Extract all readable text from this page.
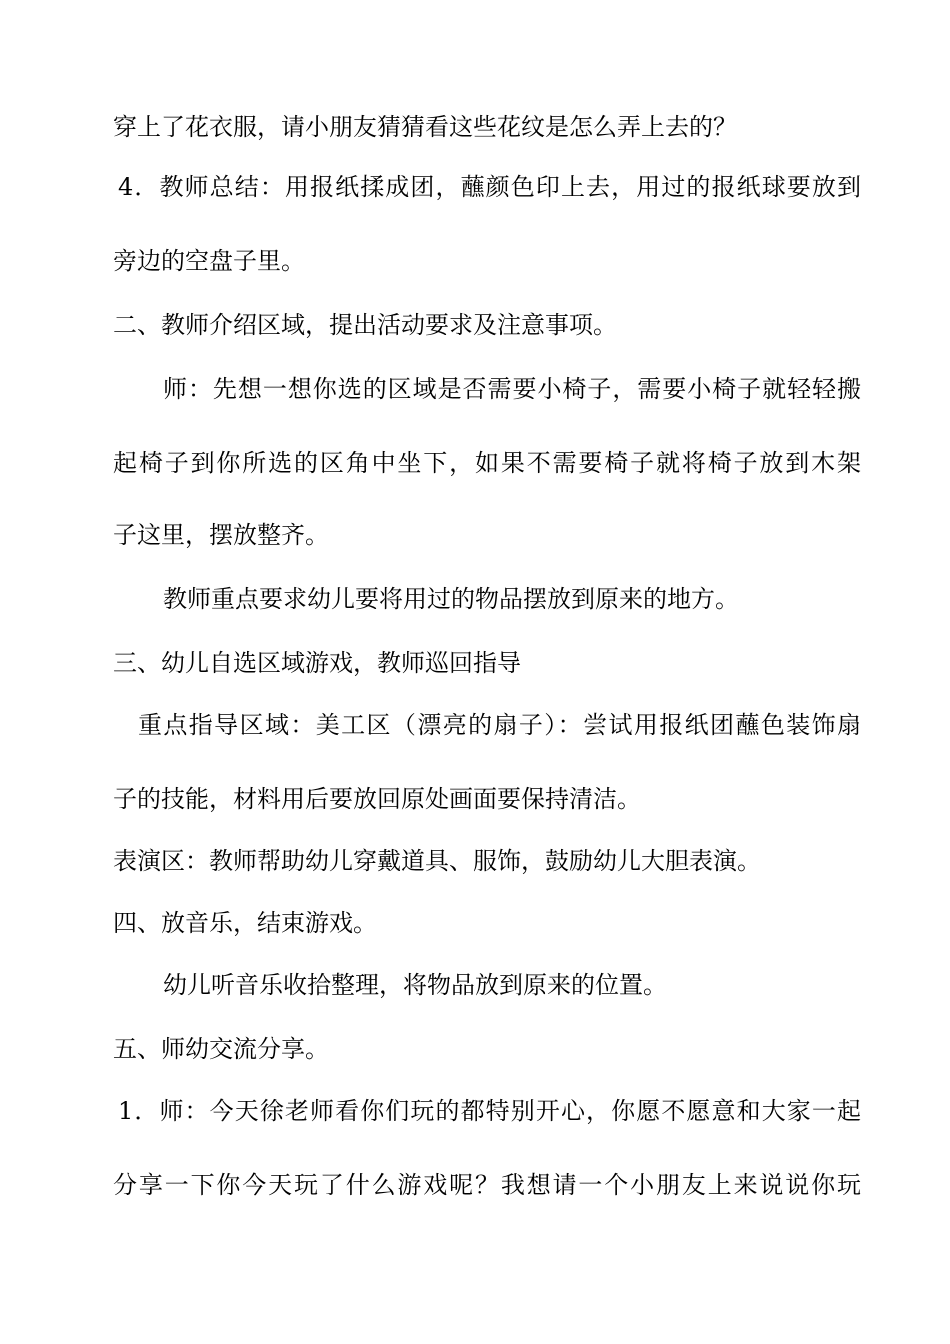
穿上了花衣服，请小朋友猜猜看这些花纹是怎么弄上去的？

4．教师总结：用报纸揉成团，蘸颜色印上去，用过的报纸球要放到

旁边的空盘子里。

二、教师介绍区域，提出活动要求及注意事项。

师：先想一想你选的区域是否需要小椅子，需要小椅子就轻轻搬

起椅子到你所选的区角中坐下，如果不需要椅子就将椅子放到木架

子这里，摆放整齐。

教师重点要求幼儿要将用过的物品摆放到原来的地方。

三、幼儿自选区域游戏，教师巡回指导

重点指导区域：美工区（漂亮的扇子）：尝试用报纸团蘸色装饰扇

子的技能，材料用后要放回原处画面要保持清洁。

表演区：教师帮助幼儿穿戴道具、服饰，鼓励幼儿大胆表演。

四、放音乐，结束游戏。

幼儿听音乐收拾整理，将物品放到原来的位置。

五、师幼交流分享。

1．师：今天徐老师看你们玩的都特别开心，你愿不愿意和大家一起

分享一下你今天玩了什么游戏呢？我想请一个小朋友上来说说你玩
